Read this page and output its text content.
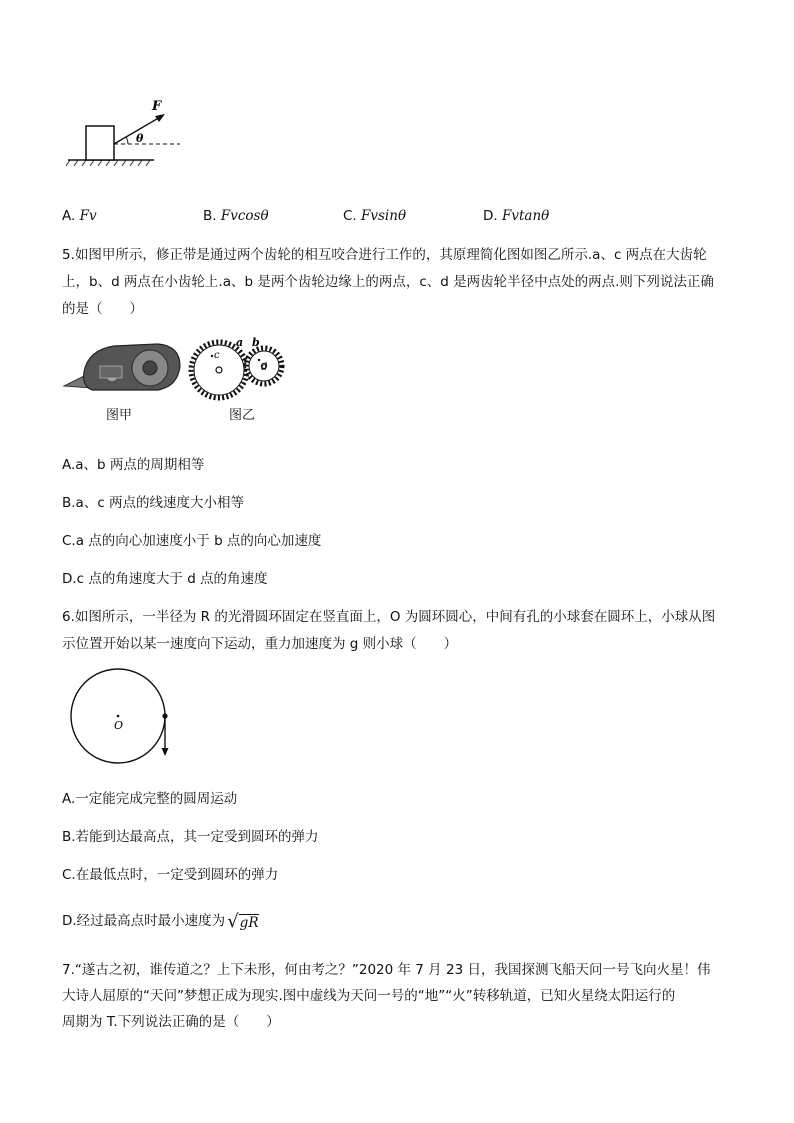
F
θ
A. Fv	B. Fvcosθ	C. Fvsinθ	D. Fvtanθ
5.如图甲所示，修正带是通过两个齿轮的相互咬合进行工作的，其原理简化图如图乙所示.a、c 两点在大齿轮
上，b、d 两点在小齿轮上.a、b 是两个齿轮边缘上的两点，c、d 是两齿轮半径中点处的两点.则下列说法正确
的是（　　）
图甲
a b
c
d
图乙
A.a、b 两点的周期相等
B.a、c 两点的线速度大小相等
C.a 点的向心加速度小于 b 点的向心加速度
D.c 点的角速度大于 d 点的角速度
6.如图所示，一半径为 R 的光滑圆环固定在竖直面上，O 为圆环圆心，中间有孔的小球套在圆环上，小球从图
示位置开始以某一速度向下运动，重力加速度为 g 则小球（　　）
O
A.一定能完成完整的圆周运动
B.若能到达最高点，其一定受到圆环的弹力
C.在最低点时，一定受到圆环的弹力
D.经过最高点时最小速度为 √gR
7.“遂古之初，谁传道之？上下未形，何由考之？”2020 年 7 月 23 日，我国探测飞船天问一号飞向火星！伟
大诗人屈原的“天问”梦想正成为现实.图中虚线为天问一号的“地”“火”转移轨道，已知火星绕太阳运行的
周期为 T.下列说法正确的是（　　）
